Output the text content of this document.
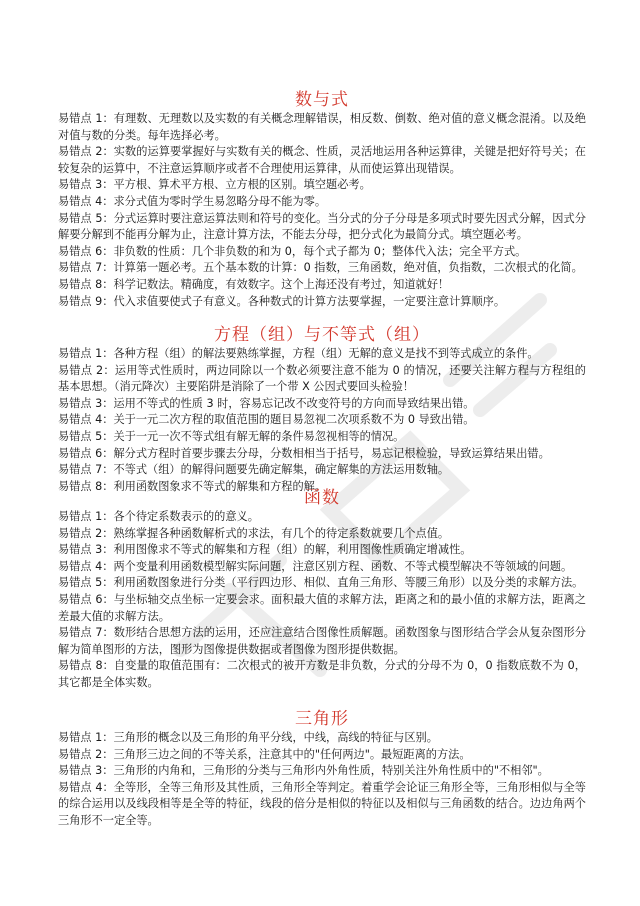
数与式

易错点 1：有理数、无理数以及实数的有关概念理解错误，相反数、倒数、绝对值的意义概念混淆。以及绝对值与数的分类。每年选择必考。

易错点 2：实数的运算要掌握好与实数有关的概念、性质，灵活地运用各种运算律，关键是把好符号关；在较复杂的运算中，不注意运算顺序或者不合理使用运算律，从而使运算出现错误。

易错点 3：平方根、算术平方根、立方根的区别。填空题必考。

易错点 4：求分式值为零时学生易忽略分母不能为零。

易错点 5：分式运算时要注意运算法则和符号的变化。当分式的分子分母是多项式时要先因式分解，因式分解要分解到不能再分解为止，注意计算方法，不能去分母，把分式化为最简分式。填空题必考。

易错点 6：非负数的性质：几个非负数的和为 0，每个式子都为 0；整体代入法；完全平方式。

易错点 7：计算第一题必考。五个基本数的计算：0 指数，三角函数，绝对值，负指数，二次根式的化简。

易错点 8：科学记数法。精确度，有效数字。这个上海还没有考过，知道就好！

易错点 9：代入求值要使式子有意义。各种数式的计算方法要掌握，一定要注意计算顺序。

方程（组）与不等式（组）

易错点 1：各种方程（组）的解法要熟练掌握，方程（组）无解的意义是找不到等式成立的条件。

易错点 2：运用等式性质时，两边同除以一个数必须要注意不能为 0 的情况，还要关注解方程与方程组的基本思想。（消元降次）主要陷阱是消除了一个带 X 公因式要回头检验！

易错点 3：运用不等式的性质 3 时，容易忘记改不改变符号的方向而导致结果出错。

易错点 4：关于一元二次方程的取值范围的题目易忽视二次项系数不为 0 导致出错。

易错点 5：关于一元一次不等式组有解无解的条件易忽视相等的情况。

易错点 6：解分式方程时首要步骤去分母，分数相相当于括号，易忘记根检验，导致运算结果出错。

易错点 7：不等式（组）的解得问题要先确定解集，确定解集的方法运用数轴。

易错点 8：利用函数图象求不等式的解集和方程的解。

函数

易错点 1：各个待定系数表示的的意义。

易错点 2：熟练掌握各种函数解析式的求法，有几个的待定系数就要几个点值。

易错点 3：利用图像求不等式的解集和方程（组）的解，利用图像性质确定增减性。

易错点 4：两个变量利用函数模型解实际问题，注意区别方程、函数、不等式模型解决不等领域的问题。

易错点 5：利用函数图象进行分类（平行四边形、相似、直角三角形、等腰三角形）以及分类的求解方法。

易错点 6：与坐标轴交点坐标一定要会求。面积最大值的求解方法，距离之和的最小值的求解方法，距离之差最大值的求解方法。

易错点 7：数形结合思想方法的运用，还应注意结合图像性质解题。函数图象与图形结合学会从复杂图形分解为简单图形的方法，图形为图像提供数据或者图像为图形提供数据。

易错点 8：自变量的取值范围有：二次根式的被开方数是非负数，分式的分母不为 0，0 指数底数不为 0，其它都是全体实数。

三角形

易错点 1：三角形的概念以及三角形的角平分线，中线，高线的特征与区别。

易错点 2：三角形三边之间的不等关系，注意其中的"任何两边"。最短距离的方法。

易错点 3：三角形的内角和，三角形的分类与三角形内外角性质，特别关注外角性质中的"不相邻"。

易错点 4：全等形，全等三角形及其性质，三角形全等判定。着重学会论证三角形全等，三角形相似与全等的综合运用以及线段相等是全等的特征，线段的倍分是相似的特征以及相似与三角函数的结合。边边角两个三角形不一定全等。
